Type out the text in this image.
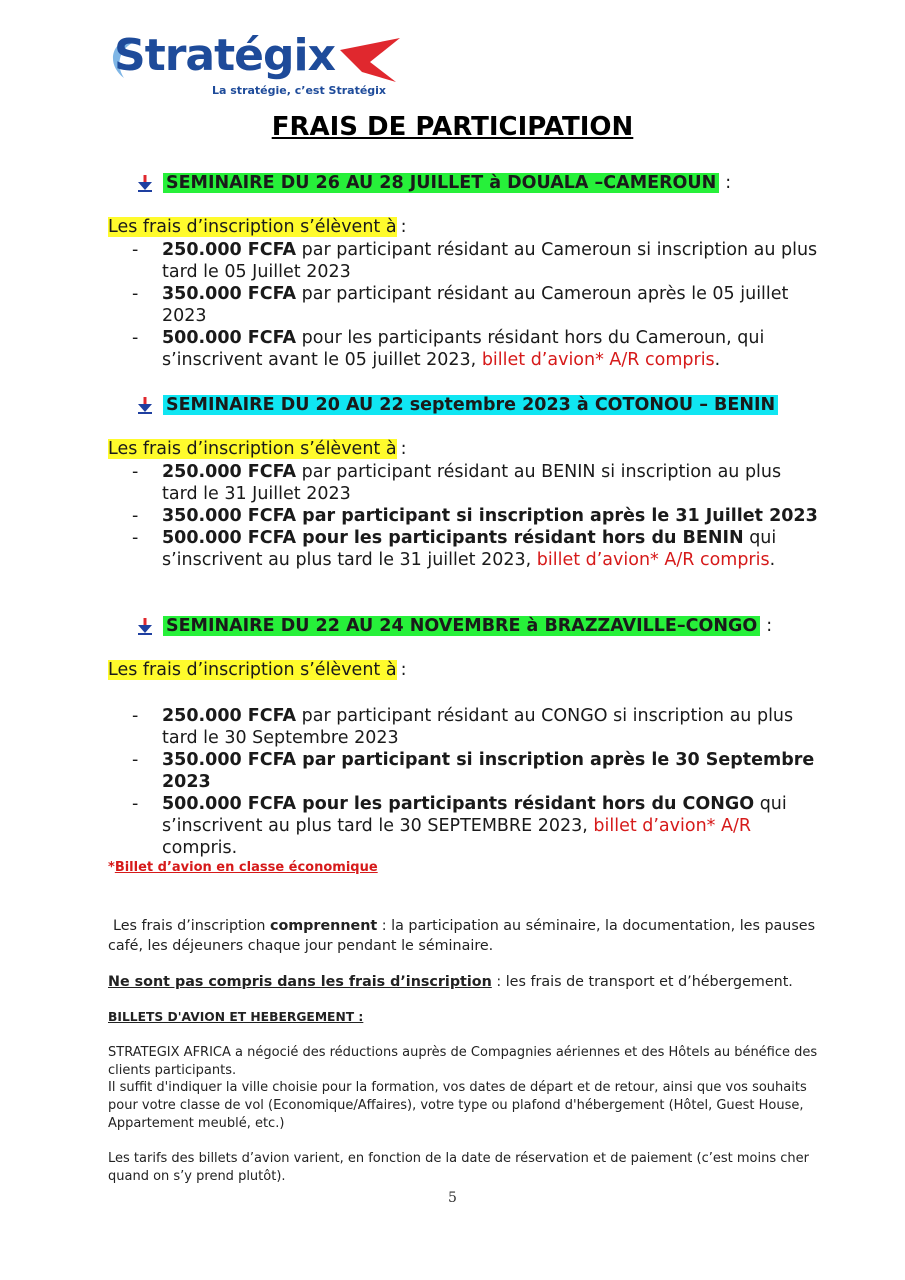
Stratégix
La stratégie, c’est Stratégix
FRAIS DE PARTICIPATION
SEMINAIRE DU 26 AU 28 JUILLET à DOUALA –CAMEROUN :
Les frais d’inscription s’élèvent à :
- 250.000 FCFA par participant résidant au Cameroun si inscription au plus tard le 05 Juillet 2023
- 350.000 FCFA par participant résidant au Cameroun après le 05 juillet 2023
- 500.000 FCFA pour les participants résidant hors du Cameroun, qui s’inscrivent avant le 05 juillet 2023, billet d’avion* A/R compris.
SEMINAIRE DU 20 AU 22 septembre 2023 à COTONOU – BENIN
Les frais d’inscription s’élèvent à :
- 250.000 FCFA par participant résidant au BENIN si inscription au plus tard le 31 Juillet 2023
- 350.000 FCFA par participant si inscription après le 31 Juillet 2023
- 500.000 FCFA pour les participants résidant hors du BENIN qui s’inscrivent au plus tard le 31 juillet 2023, billet d’avion* A/R compris.
SEMINAIRE DU 22 AU 24 NOVEMBRE à BRAZZAVILLE–CONGO :
Les frais d’inscription s’élèvent à :
- 250.000 FCFA par participant résidant au CONGO si inscription au plus tard le 30 Septembre 2023
- 350.000 FCFA par participant si inscription après le 30 Septembre 2023
- 500.000 FCFA pour les participants résidant hors du CONGO qui s’inscrivent au plus tard le 30 SEPTEMBRE 2023, billet d’avion* A/R compris.
*Billet d’avion en classe économique
Les frais d’inscription comprennent : la participation au séminaire, la documentation, les pauses café, les déjeuners chaque jour pendant le séminaire.
Ne sont pas compris dans les frais d’inscription : les frais de transport et d’hébergement.
BILLETS D'AVION ET HEBERGEMENT :
STRATEGIX AFRICA a négocié des réductions auprès de Compagnies aériennes et des Hôtels au bénéfice des clients participants.
Il suffit d'indiquer la ville choisie pour la formation, vos dates de départ et de retour, ainsi que vos souhaits pour votre classe de vol (Economique/Affaires), votre type ou plafond d'hébergement (Hôtel, Guest House, Appartement meublé, etc.)
Les tarifs des billets d’avion varient, en fonction de la date de réservation et de paiement (c’est moins cher quand on s’y prend plutôt).
5
